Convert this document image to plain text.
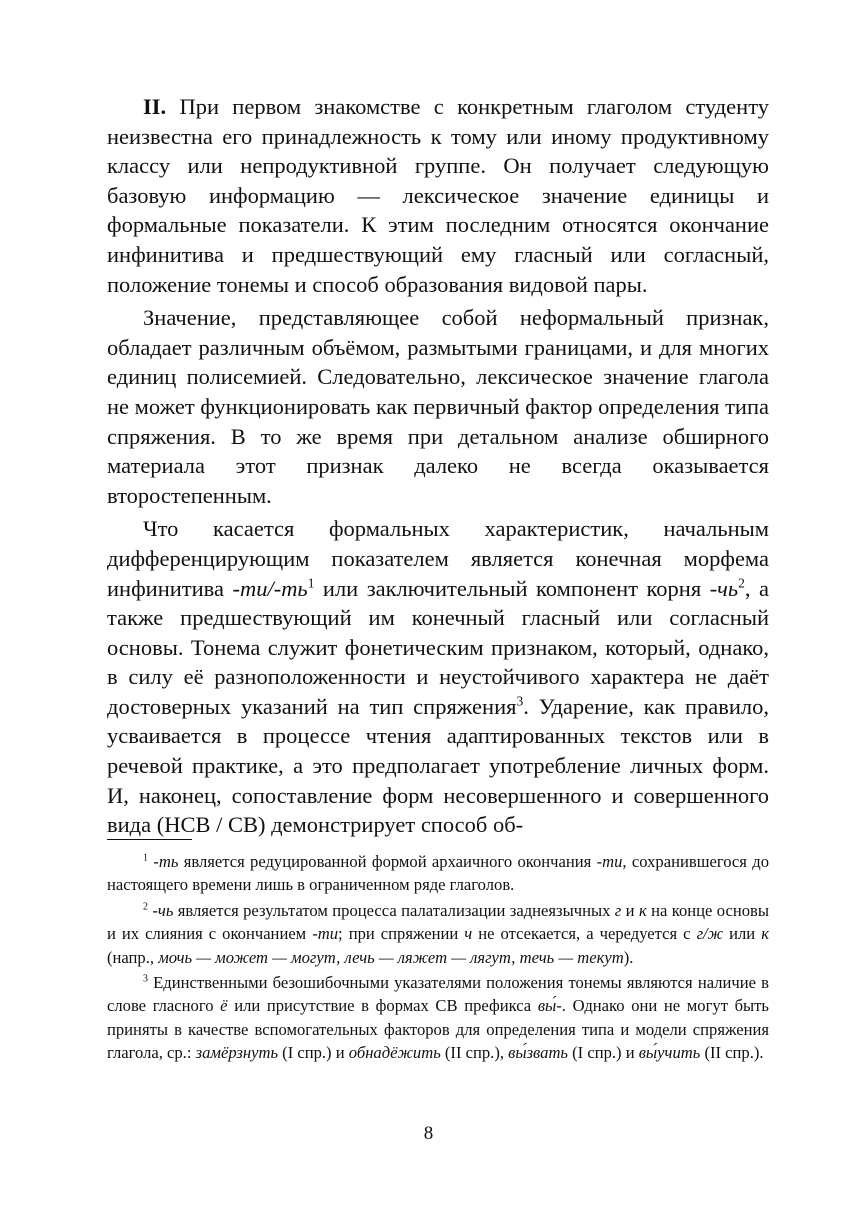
II. При первом знакомстве с конкретным глаголом студенту неизвестна его принадлежность к тому или иному продуктивному классу или непродуктивной группе. Он получает следующую базовую информацию — лексическое значение единицы и формальные показатели. К этим последним относятся окончание инфинитива и предшествующий ему гласный или согласный, положение тонемы и способ образования видовой пары.

Значение, представляющее собой неформальный признак, обладает различным объёмом, размытыми границами, и для многих единиц полисемией. Следовательно, лексическое значение глагола не может функционировать как первичный фактор определения типа спряжения. В то же время при детальном анализе обширного материала этот признак далеко не всегда оказывается второстепенным.

Что касается формальных характеристик, начальным дифференцирующим показателем является конечная морфема инфинитива $-ти/-ть^1$ или заключительный компонент корня $-чь^2$, а также предшествующий им конечный гласный или согласный основы. Тонема служит фонетическим признаком, который, однако, в силу её разноположенности и неустойчивого характера не даёт достоверных указаний на тип спряжения$^3$. Ударение, как правило, усваивается в процессе чтения адаптированных текстов или в речевой практике, а это предполагает употребление личных форм. И, наконец, сопоставление форм несовершенного и совершенного вида (НСВ / СВ) демонстрирует способ об-

$^1$ -ть является редуцированной формой архаичного окончания -ти, сохранившегося до настоящего времени лишь в ограниченном ряде глаголов.

$^2$ -чь является результатом процесса палатализации заднеязычных г и к на конце основы и их слияния с окончанием -ти; при спряжении ч не отсекается, а чередуется с г/ж или к (напр., мочь — может — могут, лечь — ляжет — лягут, течь — текут).

$^3$ Единственными безошибочными указателями положения тонемы являются наличие в слове гласного ё или присутствие в формах СВ префикса вы́-. Однако они не могут быть приняты в качестве вспомогательных факторов для определения типа и модели спряжения глагола, ср.: замёрзнуть (I спр.) и обнадёжить (II спр.), вы́звать (I спр.) и вы́учить (II спр.).

8
